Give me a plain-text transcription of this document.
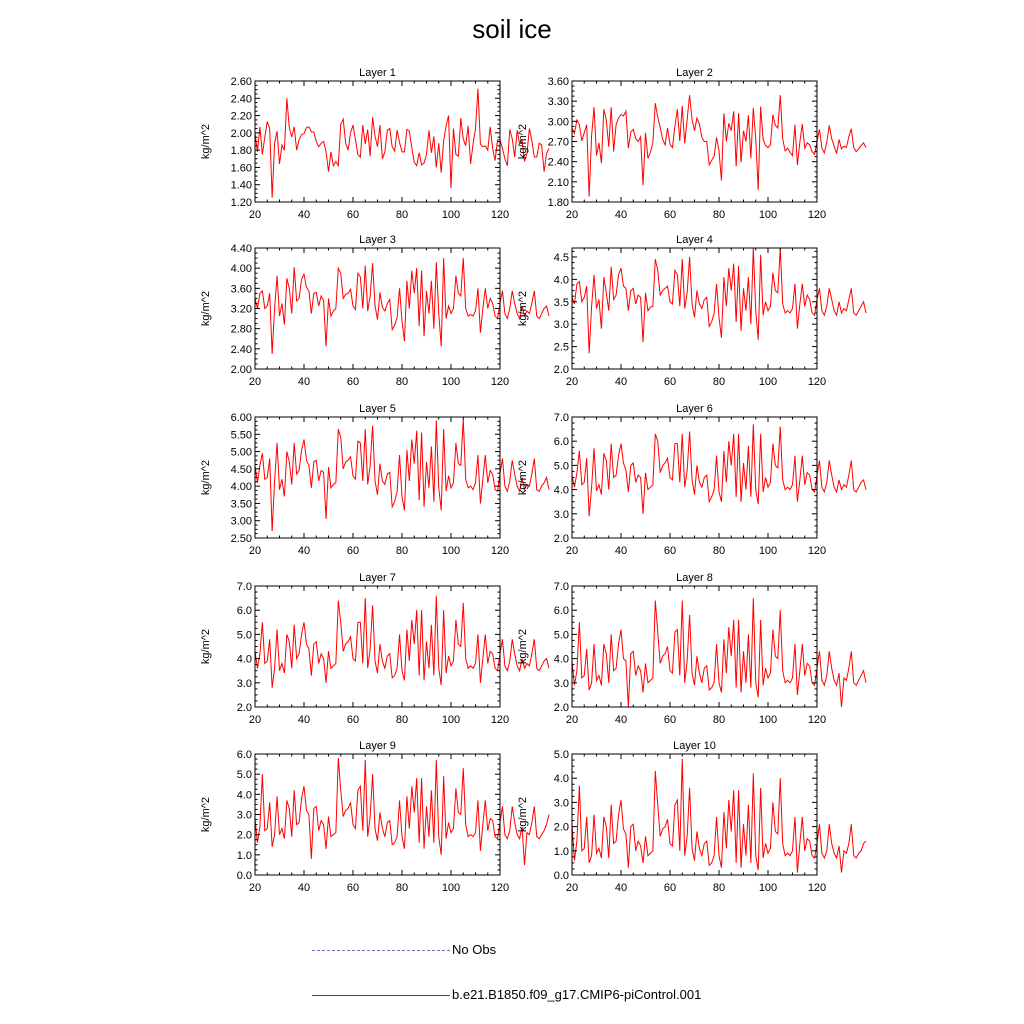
soil ice
Layer 1
kg/m^2
20	40	60	80	100	120
1.20
1.40
1.60
1.80
2.00
2.20
2.40
2.60
Layer 2
kg/m^2
20	40	60	80	100	120
1.80
2.10
2.40
2.70
3.00
3.30
3.60
Layer 3
kg/m^2
20	40	60	80	100	120
2.00
2.40
2.80
3.20
3.60
4.00
4.40
Layer 4
kg/m^2
20	40	60	80	100	120
2.0
2.5
3.0
3.5
4.0
4.5
Layer 5
kg/m^2
20	40	60	80	100	120
2.50
3.00
3.50
4.00
4.50
5.00
5.50
6.00
Layer 6
kg/m^2
20	40	60	80	100	120
2.0
3.0
4.0
5.0
6.0
7.0
Layer 7
kg/m^2
20	40	60	80	100	120
2.0
3.0
4.0
5.0
6.0
7.0
Layer 8
kg/m^2
20	40	60	80	100	120
2.0
3.0
4.0
5.0
6.0
7.0
Layer 9
kg/m^2
20	40	60	80	100	120
0.0
1.0
2.0
3.0
4.0
5.0
6.0
Layer 10
kg/m^2
20	40	60	80	100	120
0.0
1.0
2.0
3.0
4.0
5.0
No Obs
b.e21.B1850.f09_g17.CMIP6-piControl.001
